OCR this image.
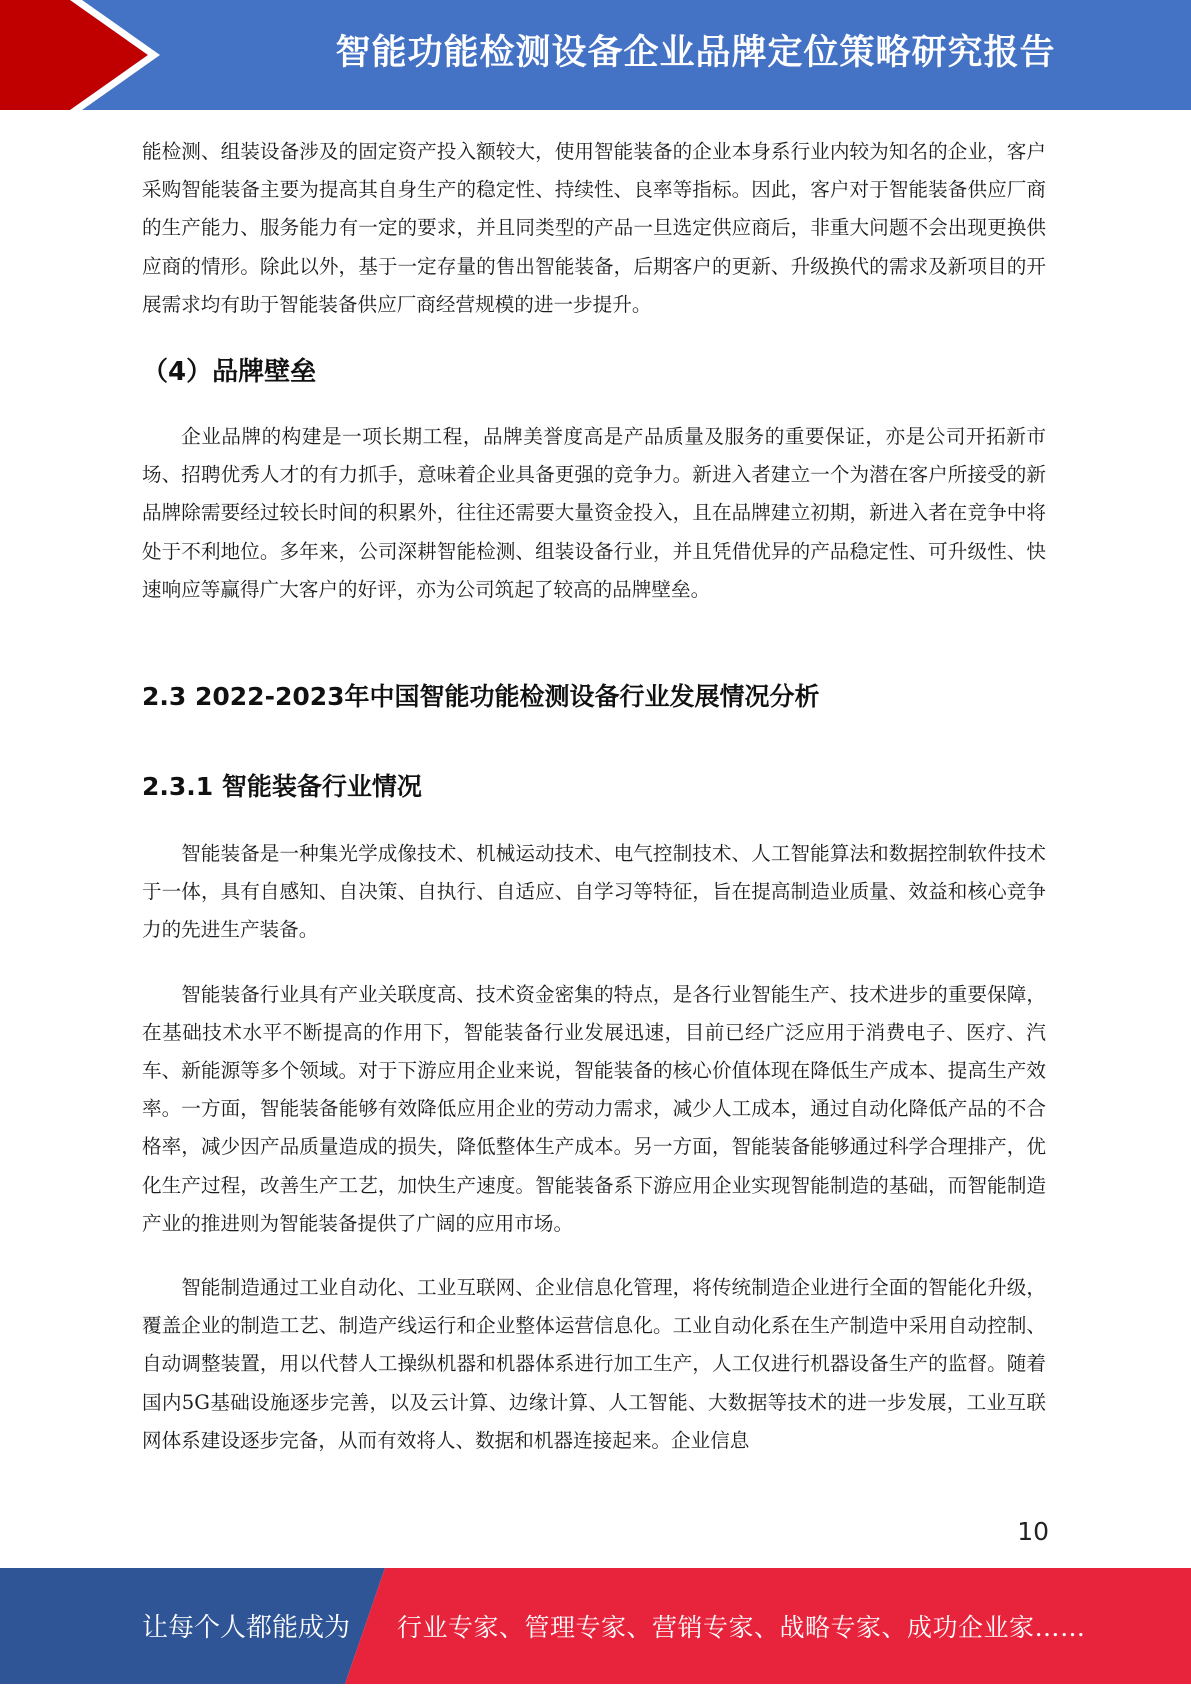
智能功能检测设备企业品牌定位策略研究报告

能检测、组装设备涉及的固定资产投入额较大，使用智能装备的企业本身系行业内较为知名的企业，客户采购智能装备主要为提高其自身生产的稳定性、持续性、良率等指标。因此，客户对于智能装备供应厂商的生产能力、服务能力有一定的要求，并且同类型的产品一旦选定供应商后，非重大问题不会出现更换供应商的情形。除此以外，基于一定存量的售出智能装备，后期客户的更新、升级换代的需求及新项目的开展需求均有助于智能装备供应厂商经营规模的进一步提升。

（4）品牌壁垒

企业品牌的构建是一项长期工程，品牌美誉度高是产品质量及服务的重要保证，亦是公司开拓新市场、招聘优秀人才的有力抓手，意味着企业具备更强的竞争力。新进入者建立一个为潜在客户所接受的新品牌除需要经过较长时间的积累外，往往还需要大量资金投入，且在品牌建立初期，新进入者在竞争中将处于不利地位。多年来，公司深耕智能检测、组装设备行业，并且凭借优异的产品稳定性、可升级性、快速响应等赢得广大客户的好评，亦为公司筑起了较高的品牌壁垒。

2.3 2022-2023年中国智能功能检测设备行业发展情况分析
2.3.1 智能装备行业情况

智能装备是一种集光学成像技术、机械运动技术、电气控制技术、人工智能算法和数据控制软件技术于一体，具有自感知、自决策、自执行、自适应、自学习等特征，旨在提高制造业质量、效益和核心竞争力的先进生产装备。

智能装备行业具有产业关联度高、技术资金密集的特点，是各行业智能生产、技术进步的重要保障，在基础技术水平不断提高的作用下，智能装备行业发展迅速，目前已经广泛应用于消费电子、医疗、汽车、新能源等多个领域。对于下游应用企业来说，智能装备的核心价值体现在降低生产成本、提高生产效率。一方面，智能装备能够有效降低应用企业的劳动力需求，减少人工成本，通过自动化降低产品的不合格率，减少因产品质量造成的损失，降低整体生产成本。另一方面，智能装备能够通过科学合理排产，优化生产过程，改善生产工艺，加快生产速度。智能装备系下游应用企业实现智能制造的基础，而智能制造产业的推进则为智能装备提供了广阔的应用市场。

智能制造通过工业自动化、工业互联网、企业信息化管理，将传统制造企业进行全面的智能化升级，覆盖企业的制造工艺、制造产线运行和企业整体运营信息化。工业自动化系在生产制造中采用自动控制、自动调整装置，用以代替人工操纵机器和机器体系进行加工生产，人工仅进行机器设备生产的监督。随着国内5G基础设施逐步完善，以及云计算、边缘计算、人工智能、大数据等技术的进一步发展，工业互联网体系建设逐步完备，从而有效将人、数据和机器连接起来。企业信息

10
让每个人都能成为 行业专家、管理专家、营销专家、战略专家、成功企业家……
